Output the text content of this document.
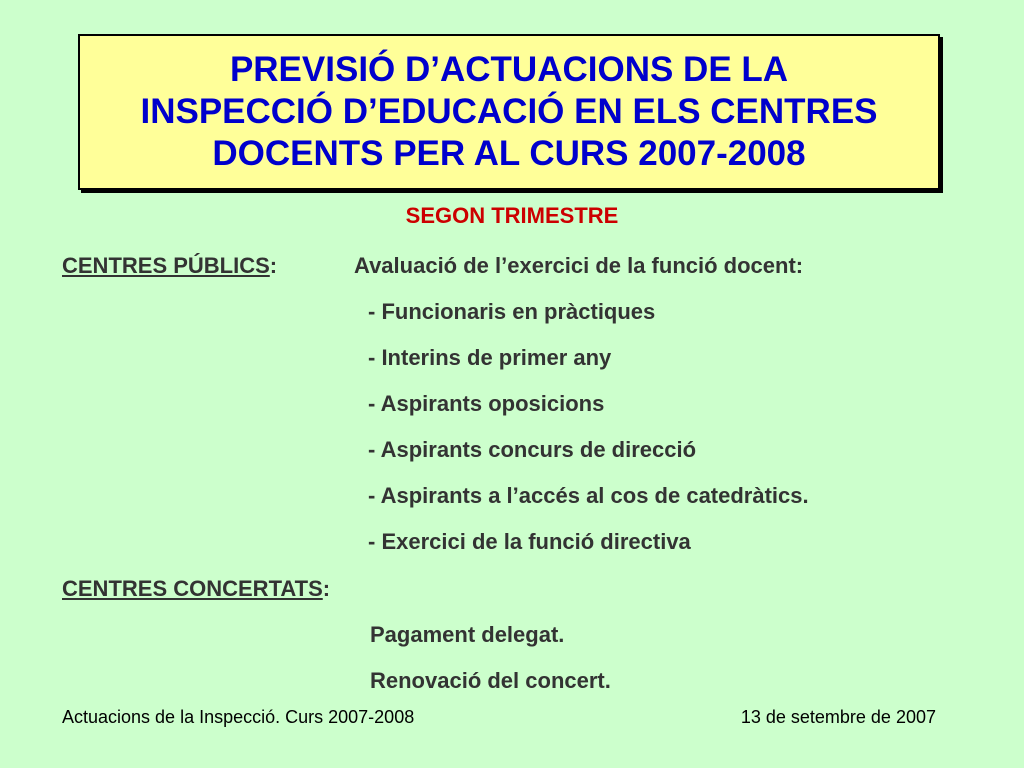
PREVISIÓ D’ACTUACIONS DE LA
INSPECCIÓ D’EDUCACIÓ EN ELS CENTRES
DOCENTS PER AL CURS 2007-2008
SEGON TRIMESTRE
CENTRES PÚBLICS:	Avaluació de l’exercici de la funció docent:
- Funcionaris en pràctiques
- Interins de primer any
- Aspirants oposicions
- Aspirants concurs de direcció
- Aspirants a l’accés al cos de catedràtics.
- Exercici de la funció directiva
CENTRES CONCERTATS:
Pagament delegat.
Renovació del concert.
Actuacions de la Inspecció. Curs 2007-2008	13 de setembre de 2007
